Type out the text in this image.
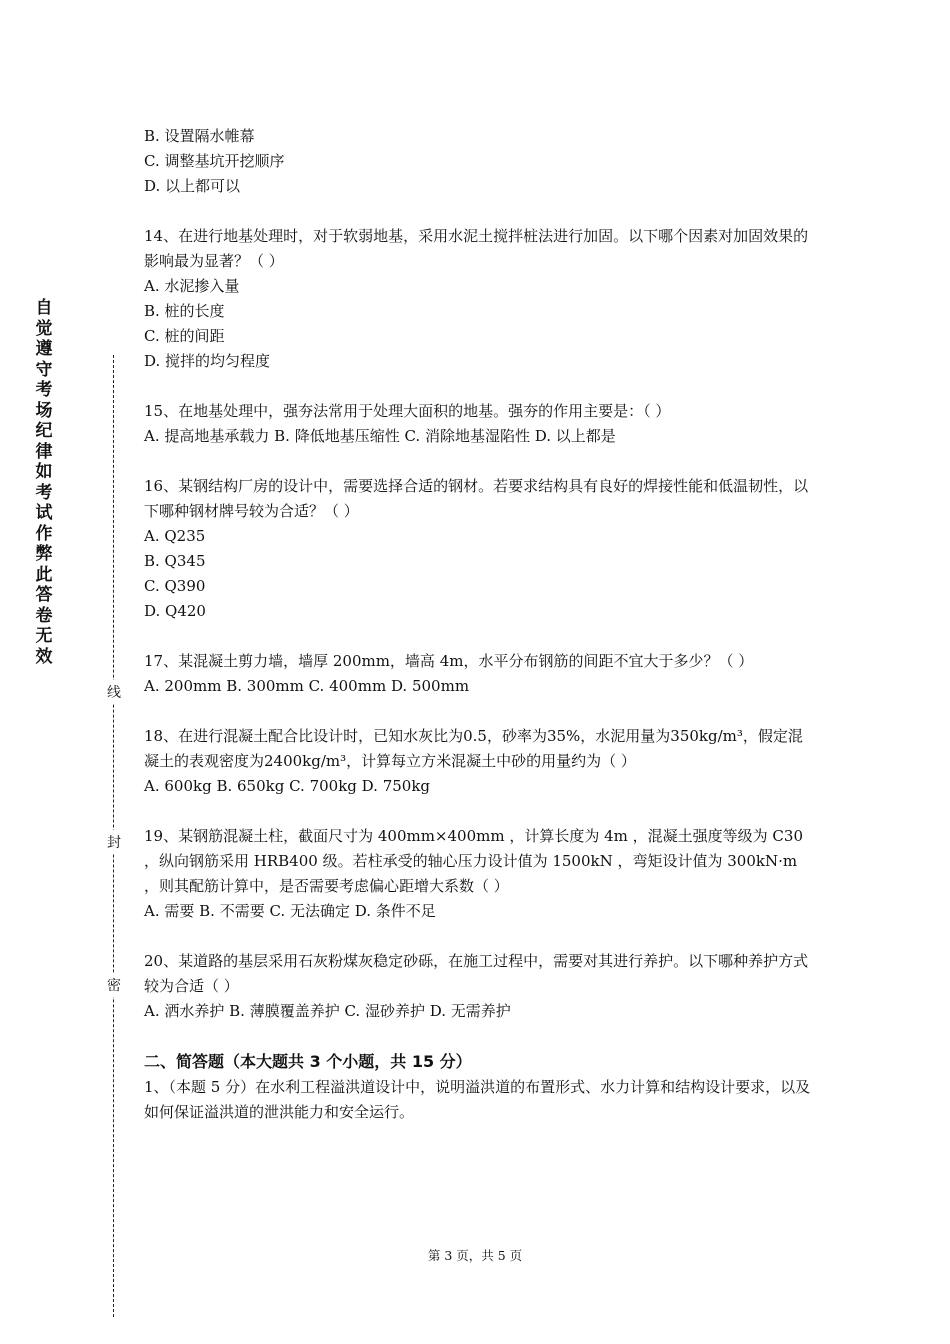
自觉遵守考场纪律如考试作弊此答卷无效
线
封
密

B. 设置隔水帷幕

C. 调整基坑开挖顺序

D. 以上都可以

14、在进行地基处理时，对于软弱地基，采用水泥土搅拌桩法进行加固。以下哪个因素对加固效果的影响最为显著？（ ）

A. 水泥掺入量

B. 桩的长度

C. 桩的间距

D. 搅拌的均匀程度

15、在地基处理中，强夯法常用于处理大面积的地基。强夯的作用主要是：（ ）

A. 提高地基承载力 B. 降低地基压缩性 C. 消除地基湿陷性 D. 以上都是

16、某钢结构厂房的设计中，需要选择合适的钢材。若要求结构具有良好的焊接性能和低温韧性，以下哪种钢材牌号较为合适？（ ）

A. Q235

B. Q345

C. Q390

D. Q420

17、某混凝土剪力墙，墙厚 200mm，墙高 4m，水平分布钢筋的间距不宜大于多少？（ ）

A. 200mm B. 300mm C. 400mm D. 500mm

18、在进行混凝土配合比设计时，已知水灰比为0.5，砂率为35%，水泥用量为350kg/m³，假定混凝土的表观密度为2400kg/m³，计算每立方米混凝土中砂的用量约为（ ）

A. 600kg B. 650kg C. 700kg D. 750kg

19、某钢筋混凝土柱，截面尺寸为 400mm×400mm ，计算长度为 4m ，混凝土强度等级为 C30 ，纵向钢筋采用 HRB400 级。若柱承受的轴心压力设计值为 1500kN ，弯矩设计值为 300kN·m ，则其配筋计算中，是否需要考虑偏心距增大系数（ ）

A. 需要 B. 不需要 C. 无法确定 D. 条件不足

20、某道路的基层采用石灰粉煤灰稳定砂砾，在施工过程中，需要对其进行养护。以下哪种养护方式较为合适（ ）

A. 洒水养护 B. 薄膜覆盖养护 C. 湿砂养护 D. 无需养护

二、简答题（本大题共 3 个小题，共 15 分）

1、（本题 5 分）在水利工程溢洪道设计中，说明溢洪道的布置形式、水力计算和结构设计要求，以及如何保证溢洪道的泄洪能力和安全运行。

第 3 页，共 5 页
